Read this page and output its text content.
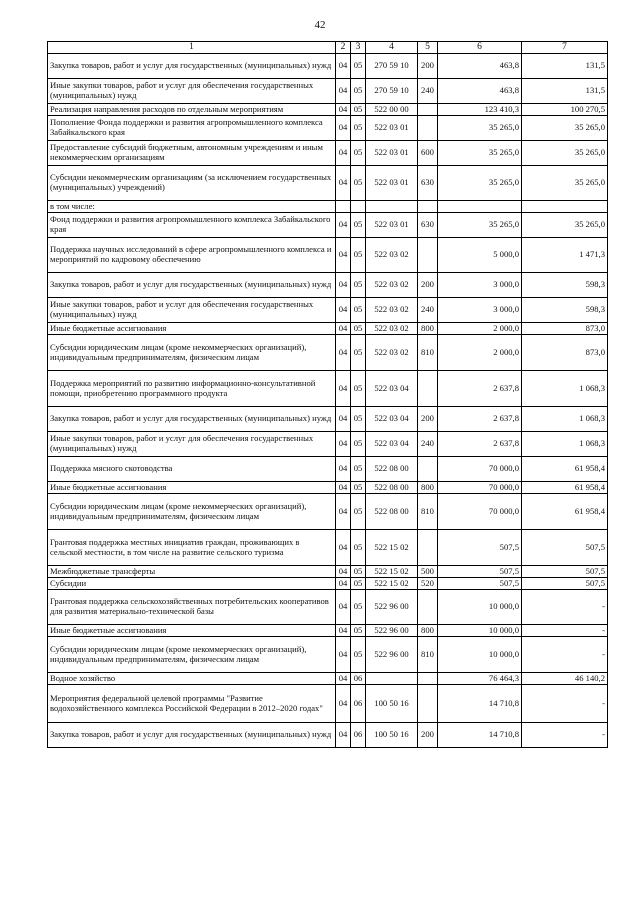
42
1	2	3	4	5	6	7
Закупка товаров, работ и услуг для государственных (муниципальных) нужд	04	05	270 59 10	200	463,8	131,5
Иные закупки товаров, работ и услуг для обеспечения государственных (муниципальных) нужд	04	05	270 59 10	240	463,8	131,5
Реализация направления расходов по отдельным мероприятиям	04	05	522 00 00		123 410,3	100 270,5
Пополнение Фонда поддержки и развития агропромышленного комплекса Забайкальского края	04	05	522 03 01		35 265,0	35 265,0
Предоставление субсидий бюджетным, автономным учреждениям и иным некоммерческим организациям	04	05	522 03 01	600	35 265,0	35 265,0
Субсидии некоммерческим организациям (за исключением государственных (муниципальных) учреждений)	04	05	522 03 01	630	35 265,0	35 265,0
в том числе:						
Фонд поддержки и развития агропромышленного комплекса Забайкальского края	04	05	522 03 01	630	35 265,0	35 265,0
Поддержка научных исследований в сфере агропромышленного комплекса и мероприятий по кадровому обеспечению	04	05	522 03 02		5 000,0	1 471,3
Закупка товаров, работ и услуг для государственных (муниципальных) нужд	04	05	522 03 02	200	3 000,0	598,3
Иные закупки товаров, работ и услуг для обеспечения государственных (муниципальных) нужд	04	05	522 03 02	240	3 000,0	598,3
Иные бюджетные ассигнования	04	05	522 03 02	800	2 000,0	873,0
Субсидии юридическим лицам (кроме некоммерческих организаций), индивидуальным предпринимателям, физическим лицам	04	05	522 03 02	810	2 000,0	873,0
Поддержка мероприятий по развитию информационно-консультативной помощи, приобретению программного продукта	04	05	522 03 04		2 637,8	1 068,3
Закупка товаров, работ и услуг для государственных (муниципальных) нужд	04	05	522 03 04	200	2 637,8	1 068,3
Иные закупки товаров, работ и услуг для обеспечения государственных (муниципальных) нужд	04	05	522 03 04	240	2 637,8	1 068,3
Поддержка мясного скотоводства	04	05	522 08 00		70 000,0	61 958,4
Иные бюджетные ассигнования	04	05	522 08 00	800	70 000,0	61 958,4
Субсидии юридическим лицам (кроме некоммерческих организаций), индивидуальным предпринимателям, физическим лицам	04	05	522 08 00	810	70 000,0	61 958,4
Грантовая поддержка местных инициатив граждан, проживающих в сельской местности, в том числе на развитие сельского туризма	04	05	522 15 02		507,5	507,5
Межбюджетные трансферты	04	05	522 15 02	500	507,5	507,5
Субсидии	04	05	522 15 02	520	507,5	507,5
Грантовая поддержка сельскохозяйственных потребительских кооперативов для развития материально-технической базы	04	05	522 96 00		10 000,0	-
Иные бюджетные ассигнования	04	05	522 96 00	800	10 000,0	-
Субсидии юридическим лицам (кроме некоммерческих организаций), индивидуальным предпринимателям, физическим лицам	04	05	522 96 00	810	10 000,0	-
Водное хозяйство	04	06			76 464,3	46 140,2
Мероприятия федеральной целевой программы "Развитие водохозяйственного комплекса Российской Федерации в 2012–2020 годах"	04	06	100 50 16		14 710,8	-
Закупка товаров, работ и услуг для государственных (муниципальных) нужд	04	06	100 50 16	200	14 710,8	-
